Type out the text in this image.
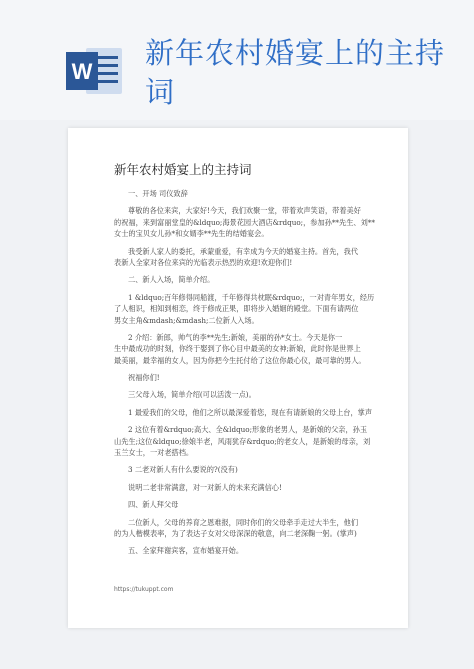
W
新年农村婚宴上的主持
词
新年农村婚宴上的主持词
一、开场 司仪致辞
尊敬的各位来宾，大家好!今天，我们欢聚一堂，带着欢声笑语，带着美好
的祝福，来到富丽堂皇的&ldquo;海景花园大酒店&rdquo;，参加孙**先生、刘**
女士的宝贝女儿孙*和女婿李**先生的结婚宴会。
我受新人家人的委托，承蒙重爱，有幸成为今天的婚宴主持。首先，我代
表新人全家对各位来宾的光临表示热烈的欢迎!欢迎你们!
二、新人入场，简单介绍。
1 &ldquo;百年修得同船渡，千年修得共枕眠&rdquo;，一对青年男女，经历
了人相识，相知到相恋，终于修成正果，即将步入婚姻的殿堂。下面有请两位
男女主角&mdash;&mdash;二位新人入场。
2 介绍：新郎，帅气的李**先生;新娘，美丽的孙*女士。今天是你一
生中最成功的时刻，你终于娶到了你心目中最美的女神;新娘，此时你是世界上
最美丽，最幸福的女人，因为你把今生托付给了这位你最心仪，最可靠的男人。
祝福你们!
三父母入场，简单介绍(可以活泼一点)。
1 最爱我们的父母，他们之所以最深爱着您，现在有请新娘的父母上台，掌声
2 这位有着&rdquo;高大、全&ldquo;形象的老男人，是新娘的父亲，孙玉
山先生;这位&ldquo;徐娘半老，风雨犹存&rdquo;的老女人，是新娘的母亲，刘
玉兰女士，一对老搭档。
3 二老对新人有什么要说的?(没有)
说明二老非常满意，对一对新人的未来充满信心!
四、新人拜父母
二位新人，父母的养育之恩难报，同时你们的父母牵手走过大半生，他们
的为人楷模表率，为了表达子女对父母深深的敬意，向二老深鞠一躬。(掌声)
五、全家拜谢宾客，宣布婚宴开始。
https://tukuppt.com
